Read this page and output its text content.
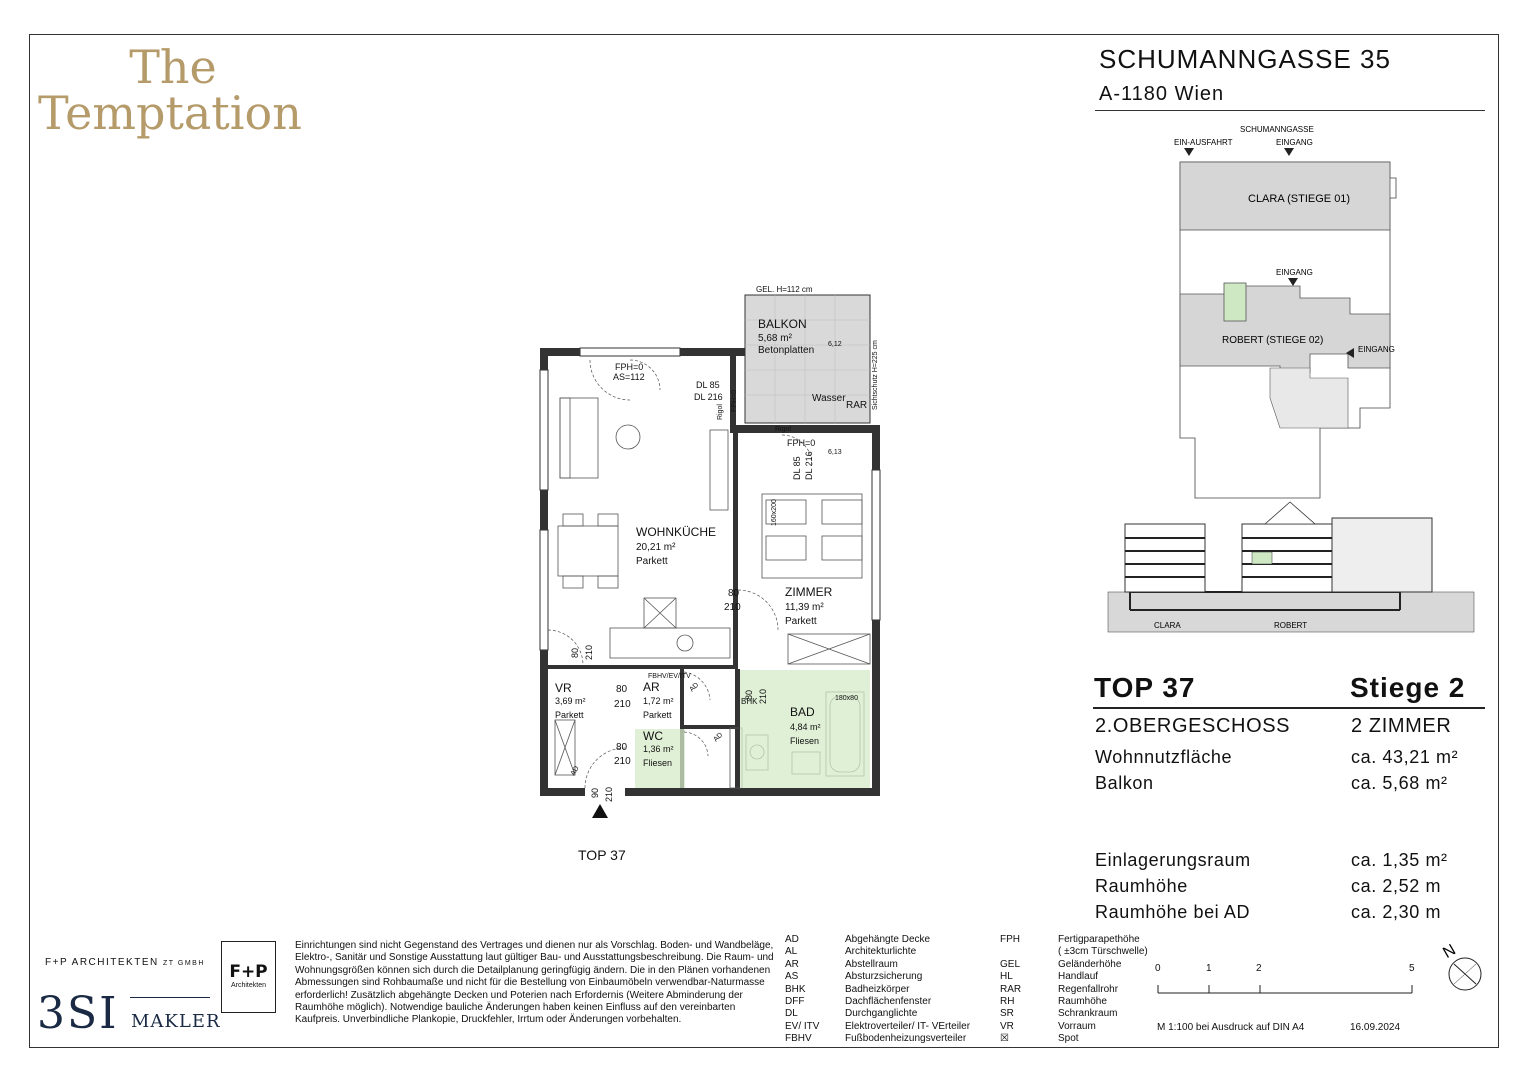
The
Temptation
SCHUMANNGASSE 35
A-1180 Wien
SCHUMANNGASSE
EIN-AUSFAHRT	EINGANG
CLARA (STIEGE 01)
EINGANG
ROBERT (STIEGE 02)
EINGANG
CLARA	ROBERT
TOP 37	Stiege 2
2.OBERGESCHOSS	2 ZIMMER
Wohnnutzfläche	ca. 43,21 m²
Balkon	ca. 5,68 m²
Einlagerungsraum	ca. 1,35 m²
Raumhöhe	ca. 2,52 m
Raumhöhe bei AD	ca. 2,30 m
GEL. H=112 cm
BALKON
5,68 m²
Betonplatten
6,12
Wasser
RAR
FPH=0
AS=112
DL 85
DL 216
FPH=0
6,13
Rigol
WOHNKÜCHE
20,21 m²
Parkett
ZIMMER
11,39 m²
Parkett
80
210
VR
3,69 m²
Parkett
AR
1,72 m²
Parkett
80
210
FBHV/EV/ITV
WC
1,36 m²
Fliesen
80
210
BAD
4,84 m²
Fliesen
BHK	180x80
TOP 37
Sichtschutz H=225 cm
FPH=0
Rigol
DL 85 DL 216
160x200
80 210
80 210
90 210
AD
AD
AD
F+P ARCHITEKTEN ZT GMBH	F+P
Architekten
3SI MAKLER
Einrichtungen sind nicht Gegenstand des Vertrages und dienen nur als Vorschlag. Boden- und Wandbeläge, Elektro-, Sanitär und Sonstige Ausstattung laut gültiger Bau- und Ausstattungsbeschreibung. Die Raum- und Wohnungsgrößen können sich durch die Detailplanung geringfügig ändern. Die in den Plänen vorhandenen Abmessungen sind Rohbaumaße und nicht für die Bestellung von Einbaumöbeln verwendbar-Naturmasse erforderlich! Zusätzlich abgehängte Decken und Poterien nach Erfordernis (Weitere Abminderung der Raumhöhe möglich). Notwendige bauliche Änderungen haben keinen Einfluss auf den vereinbarten Kaufpreis. Unverbindliche Plankopie, Druckfehler, Irrtum oder Änderungen vorbehalten.
AD	Abgehängte Decke
AL	Architekturlichte
AR	Abstellraum
AS	Absturzsicherung
BHK	Badheizkörper
DFF	Dachflächenfenster
DL	Durchganglichte
EV/ ITV	Elektroverteiler/ IT- VErteiler
FBHV	Fußbodenheizungsverteiler
FPH	Fertigparapethöhe
( ±3cm Türschwelle)
GEL	Geländerhöhe
HL	Handlauf
RAR	Regenfallrohr
RH	Raumhöhe
SR	Schrankraum
VR	Vorraum
☒	Spot
0	1	2	5
N
M 1:100 bei Ausdruck auf DIN A4	16.09.2024
